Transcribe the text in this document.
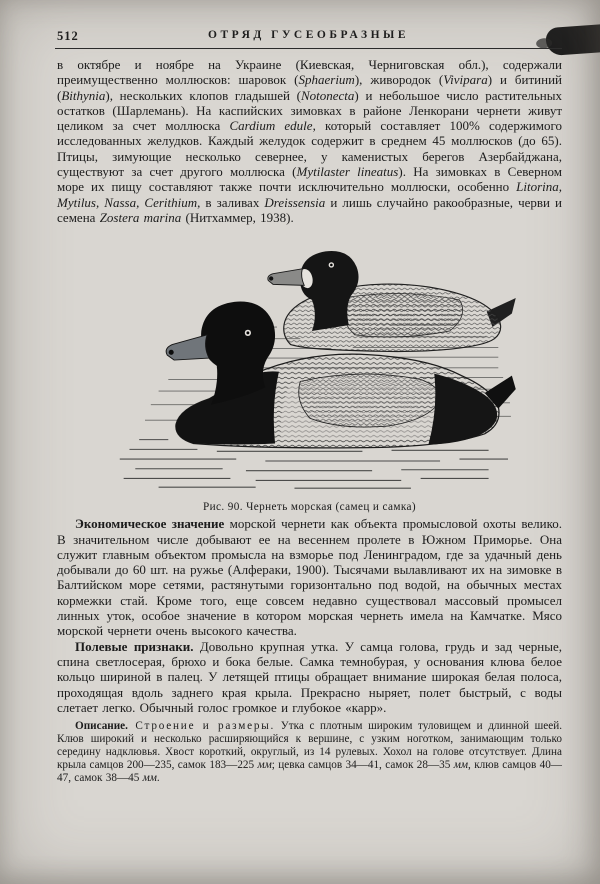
512	ОТРЯД ГУСЕОБРАЗНЫЕ

в октябре и ноябре на Украине (Киевская, Черниговская обл.), содержали преимущественно моллюсков: шаровок (Sphaerium), живородок (Vivipara) и битиний (Bithynia), нескольких клопов гладышей (Notonecta) и небольшое число растительных остатков (Шарлемань). На каспийских зимовках в районе Ленкорани чернети живут целиком за счет моллюска Cardium edule, который составляет 100% содержимого исследованных желудков. Каждый желудок содержит в среднем 45 моллюсков (до 65). Птицы, зимующие несколько севернее, у каменистых берегов Азербайджана, существуют за счет другого моллюска (Mytilaster lineatus). На зимовках в Северном море их пищу составляют также почти исключительно моллюски, особенно Litorina, Mytilus, Nassa, Cerithium, в заливах Dreissensia и лишь случайно ракообразные, черви и семена Zostera marina (Нитхаммер, 1938).

Рис. 90. Чернеть морская (самец и самка)

Экономическое значение морской чернети как объекта промысловой охоты велико. В значительном числе добывают ее на весеннем пролете в Южном Приморье. Она служит главным объектом промысла на взморье под Ленинградом, где за удачный день добывали до 60 шт. на ружье (Алфераки, 1900). Тысячами вылавливают их на зимовке в Балтийском море сетями, растянутыми горизонтально под водой, на обычных местах кормежки стай. Кроме того, еще совсем недавно существовал массовый промысел линных уток, особое значение в котором морская чернеть имела на Камчатке. Мясо морской чернети очень высокого качества.

Полевые признаки. Довольно крупная утка. У самца голова, грудь и зад черные, спина светлосерая, брюхо и бока белые. Самка темнобурая, у основания клюва белое кольцо шириной в палец. У летящей птицы обращает внимание широкая белая полоса, проходящая вдоль заднего края крыла. Прекрасно ныряет, полет быстрый, с воды слетает легко. Обычный голос громкое и глубокое «карр».

Описание. Строение и размеры. Утка с плотным широким туловищем и длинной шеей. Клюв широкий и несколько расширяющийся к вершине, с узким ноготком, занимающим только середину надклювья. Хвост короткий, округлый, из 14 рулевых. Хохол на голове отсутствует. Длина крыла самцов 200—235, самок 183—225 мм; цевка самцов 34—41, самок 28—35 мм, клюв самцов 40—47, самок 38—45 мм.
